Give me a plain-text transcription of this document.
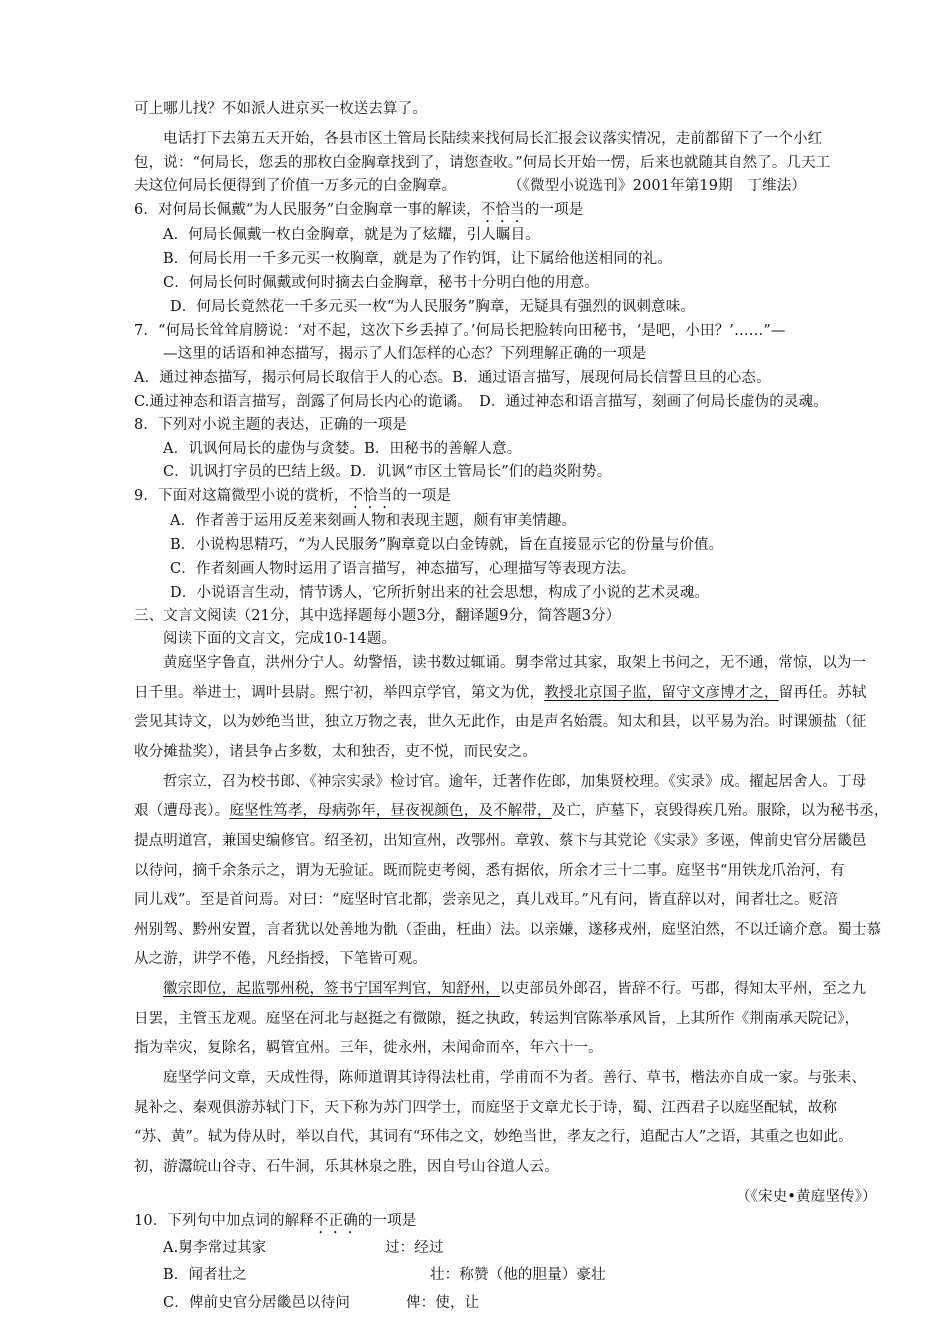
可上哪儿找？不如派人进京买一枚送去算了。
电话打下去第五天开始，各县市区土管局长陆续来找何局长汇报会议落实情况，走前都留下了一个小红
包，说：“何局长，您丢的那枚白金胸章找到了，请您查收。”何局长开始一愣，后来也就随其自然了。几天工
夫这位何局长便得到了价值一万多元的白金胸章。	（《微型小说选刊》2001年第19期　丁维法）
6．对何局长佩戴“为人民服务”白金胸章一事的解读，不恰当的一项是
A．何局长佩戴一枚白金胸章，就是为了炫耀，引人瞩目。
B．何局长用一千多元买一枚胸章，就是为了作钓饵，让下属给他送相同的礼。
C．何局长何时佩戴或何时摘去白金胸章，秘书十分明白他的用意。
D．何局长竟然花一千多元买一枚“为人民服务”胸章，无疑具有强烈的讽刺意味。
7．“何局长耸耸肩膀说：‘对不起，这次下乡丢掉了。’何局长把脸转向田秘书，‘是吧，小田？’……”—
—这里的话语和神态描写，揭示了人们怎样的心态？下列理解正确的一项是
A．通过神态描写，揭示何局长取信于人的心态。B．通过语言描写，展现何局长信誓旦旦的心态。
C.通过神态和语言描写，剖露了何局长内心的诡谲。　D．通过神态和语言描写，刻画了何局长虚伪的灵魂。
8．下列对小说主题的表达，正确的一项是
A．讥讽何局长的虚伪与贪婪。B．田秘书的善解人意。
C．讥讽打字员的巴结上级。D．讥讽“市区土管局长”们的趋炎附势。
9．下面对这篇微型小说的赏析，不恰当的一项是
A．作者善于运用反差来刻画人物和表现主题，颇有审美情趣。
B．小说构思精巧，“为人民服务”胸章竟以白金铸就，旨在直接显示它的份量与价值。
C．作者刻画人物时运用了语言描写，神态描写，心理描写等表现方法。
D．小说语言生动，情节诱人，它所折射出来的社会思想，构成了小说的艺术灵魂。
三、文言文阅读（21分，其中选择题每小题3分，翻译题9分，简答题3分）
阅读下面的文言文，完成10-14题。
黄庭坚字鲁直，洪州分宁人。幼警悟，读书数过辄诵。舅李常过其家，取架上书问之，无不通，常惊，以为一
日千里。举进士，调叶县尉。熙宁初，举四京学官，第文为优，教授北京国子监，留守文彦博才之，留再任。苏轼
尝见其诗文，以为妙绝当世，独立万物之表，世久无此作，由是声名始震。知太和县，以平易为治。时课颁盐（征
收分摊盐奖），诸县争占多数，太和独否，吏不悦，而民安之。
哲宗立，召为校书郎、《神宗实录》检讨官。逾年，迁著作佐郎，加集贤校理。《实录》成。擢起居舍人。丁母
艰（遭母丧）。庭坚性笃孝，母病弥年，昼夜视颜色，及不解带，及亡，庐墓下，哀毁得疾几殆。服除，以为秘书丞，
提点明道宫，兼国史编修官。绍圣初，出知宣州，改鄂州。章敦、蔡卞与其党论《实录》多诬，俾前史官分居畿邑
以待问，摘千余条示之，谓为无验证。既而院吏考阅，悉有据依，所余才三十二事。庭坚书“用铁龙爪治河，有
同儿戏”。至是首问焉。对曰：“庭坚时官北都，尝亲见之，真儿戏耳。”凡有问，皆直辞以对，闻者壮之。贬涪
州别驾、黔州安置，言者犹以处善地为骩（歪曲，枉曲）法。以亲嫌，遂移戎州，庭坚泊然，不以迁谪介意。蜀士慕
从之游，讲学不倦，凡经指授，下笔皆可观。
徽宗即位，起监鄂州税，签书宁国军判官，知舒州，以吏部员外郎召，皆辞不行。丐郡，得知太平州，至之九
日罢，主管玉龙观。庭坚在河北与赵挺之有微隙，挺之执政，转运判官陈举承风旨，上其所作《荆南承天院记》，
指为幸灾，复除名，羁管宜州。三年，徙永州，未闻命而卒，年六十一。
庭坚学问文章，天成性得，陈师道谓其诗得法杜甫，学甫而不为者。善行、草书，楷法亦自成一家。与张耒、
晁补之、秦观俱游苏轼门下，天下称为苏门四学士，而庭坚于文章尤长于诗，蜀、江西君子以庭坚配轼，故称
“苏、黄”。轼为侍从时，举以自代，其词有“环伟之文，妙绝当世，孝友之行，追配古人”之语，其重之也如此。
初，游灊皖山谷寺、石牛洞，乐其林泉之胜，因自号山谷道人云。
（《宋史•黄庭坚传》）
10．下列句中加点词的解释不正确的一项是
A.舅李常过其家	过：经过
B．闻者壮之	壮：称赞（他的胆量）豪壮
C．俾前史官分居畿邑以待问	俾：使，让
